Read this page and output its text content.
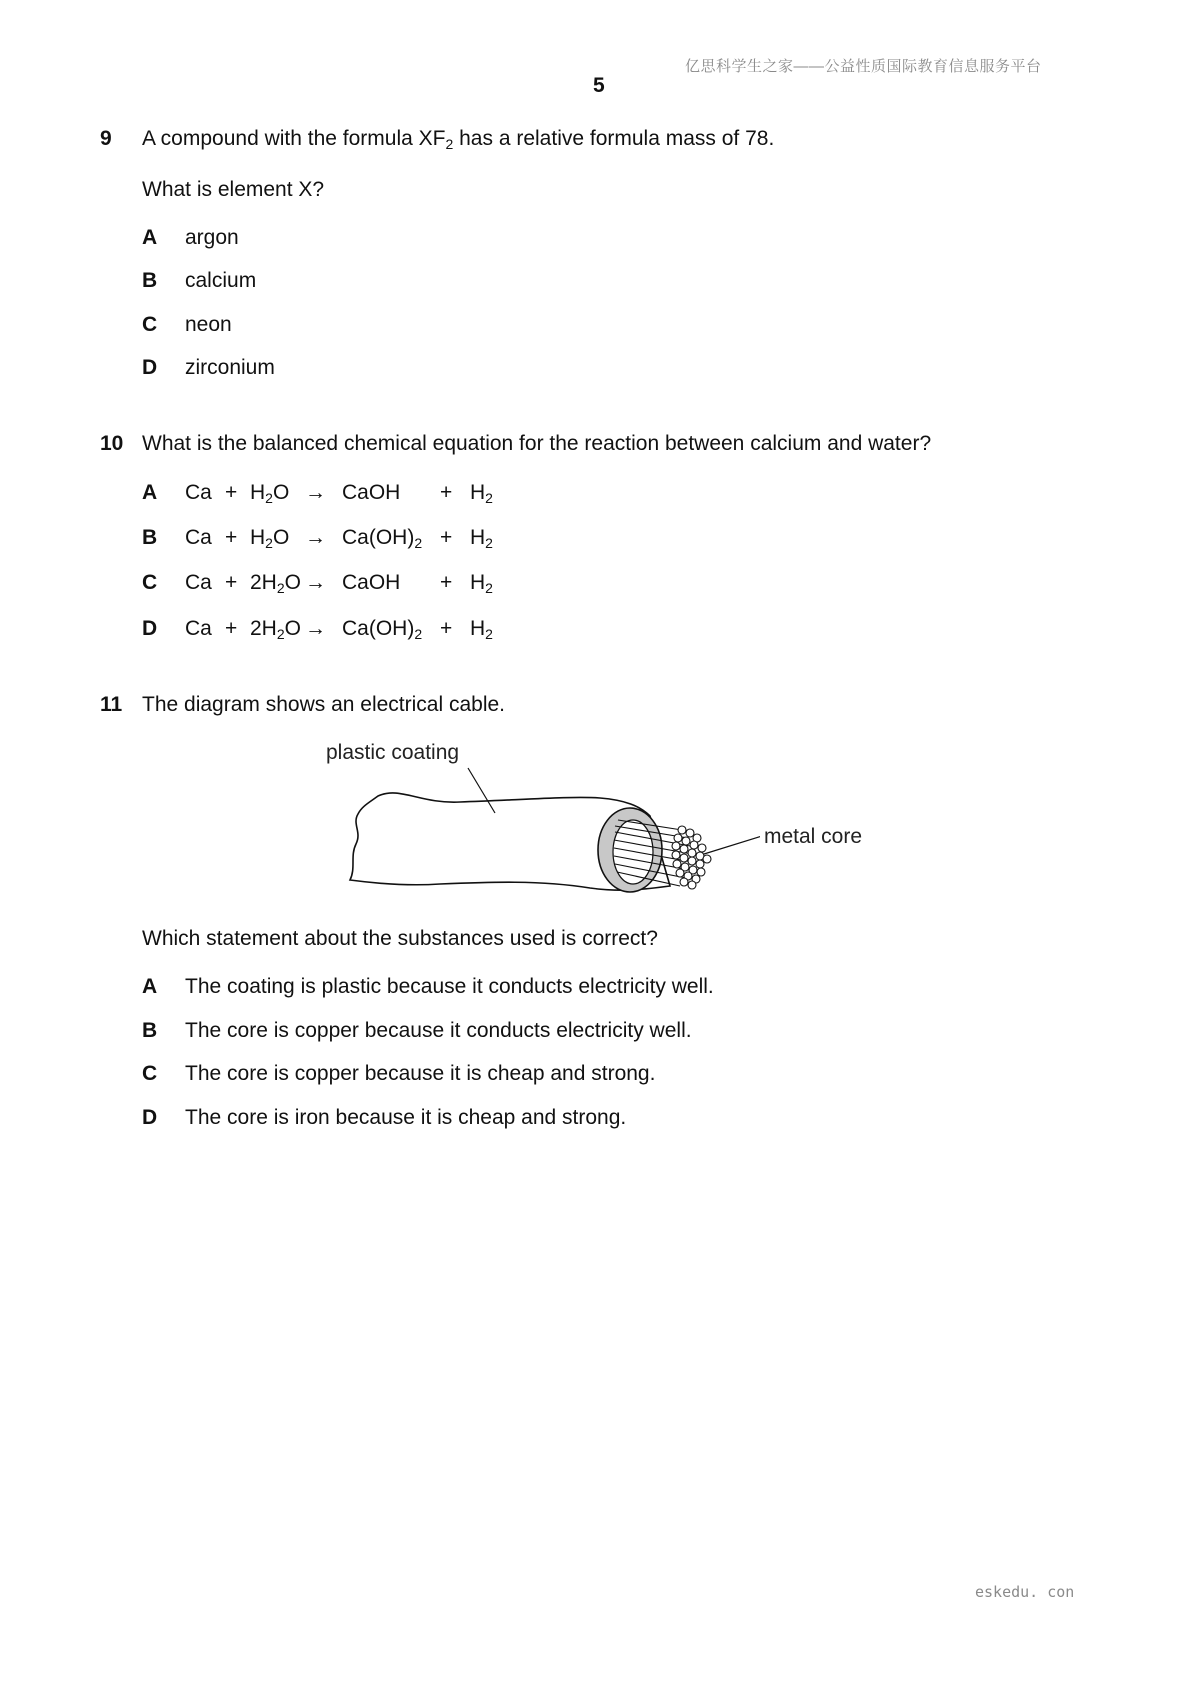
亿思科学生之家——公益性质国际教育信息服务平台
5
eskedu. con
9 A compound with the formula $XF_2$ has a relative formula mass of 78.
What is element X?
A argon
B calcium
C neon
D zirconium
10 What is the balanced chemical equation for the reaction between calcium and water?
A $Ca + H_2O$ → CaOH + $H_2$
B $Ca + H_2O \to Ca(OH)_2 + H_2$
C $Ca + 2H_2O$ → CaOH + $H_2$
D $Ca + 2H_2O \to Ca(OH)_2 + H_2$
11 The diagram shows an electrical cable.
plastic coating
metal core
Which statement about the substances used is correct?
A The coating is plastic because it conducts electricity well.
B The core is copper because it conducts electricity well.
C The core is copper because it is cheap and strong.
D The core is iron because it is cheap and strong.
